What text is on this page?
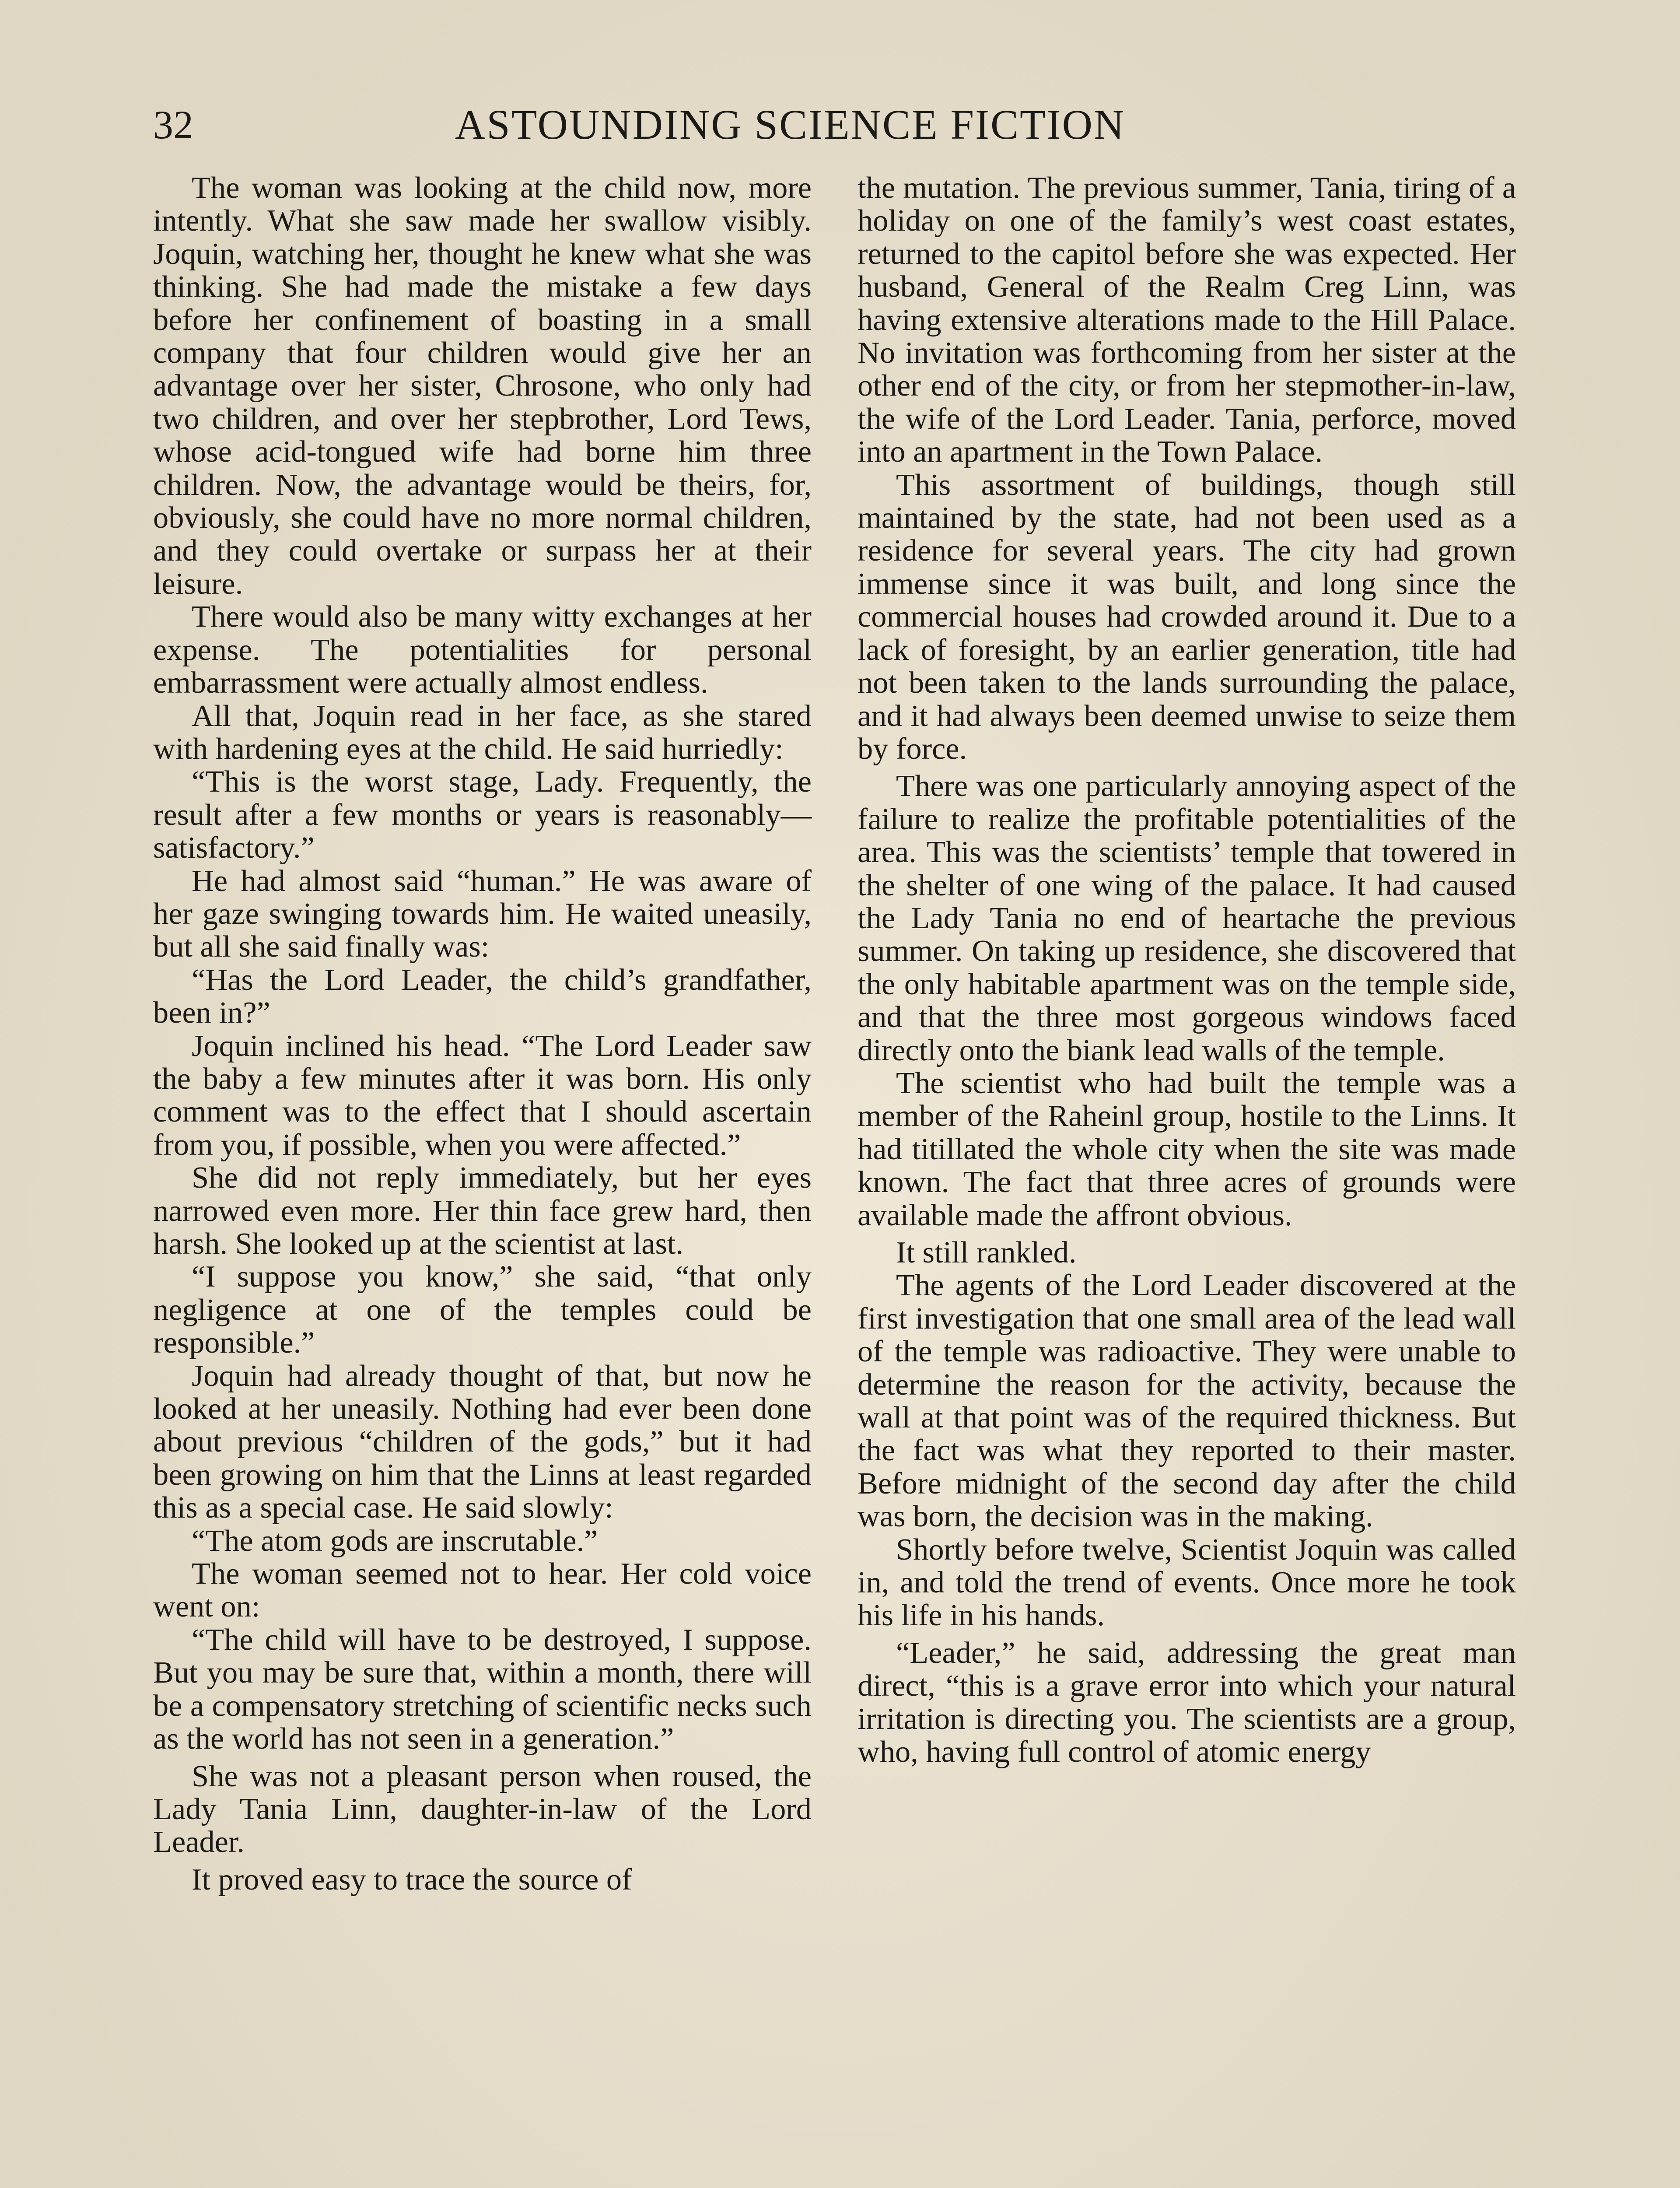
32	ASTOUNDING SCIENCE FICTION

The woman was looking at the child now, more intently. What she saw made her swallow visibly. Joquin, watching her, thought he knew what she was thinking. She had made the mistake a few days before her confinement of boasting in a small company that four children would give her an advantage over her sister, Chrosone, who only had two children, and over her stepbrother, Lord Tews, whose acid-tongued wife had borne him three children. Now, the advantage would be theirs, for, obviously, she could have no more normal children, and they could overtake or surpass her at their leisure.

There would also be many witty exchanges at her expense. The potentialities for personal embarrassment were actually almost endless.

All that, Joquin read in her face, as she stared with hardening eyes at the child. He said hurriedly:

“This is the worst stage, Lady. Frequently, the result after a few months or years is reasonably—satisfactory.”

He had almost said “human.” He was aware of her gaze swinging towards him. He waited uneasily, but all she said finally was:

“Has the Lord Leader, the child’s grandfather, been in?”

Joquin inclined his head. “The Lord Leader saw the baby a few minutes after it was born. His only comment was to the effect that I should ascertain from you, if possible, when you were affected.”

She did not reply immediately, but her eyes narrowed even more. Her thin face grew hard, then harsh. She looked up at the scientist at last.

“I suppose you know,” she said, “that only negligence at one of the temples could be responsible.”

Joquin had already thought of that, but now he looked at her uneasily. Nothing had ever been done about previous “children of the gods,” but it had been growing on him that the Linns at least regarded this as a special case. He said slowly:

“The atom gods are inscrutable.”

The woman seemed not to hear. Her cold voice went on:

“The child will have to be destroyed, I suppose. But you may be sure that, within a month, there will be a compensatory stretching of scientific necks such as the world has not seen in a generation.”

She was not a pleasant person when roused, the Lady Tania Linn, daughter-in-law of the Lord Leader.

It proved easy to trace the source of

the mutation. The previous summer, Tania, tiring of a holiday on one of the family’s west coast estates, returned to the capitol before she was expected. Her husband, General of the Realm Creg Linn, was having extensive alterations made to the Hill Palace. No invitation was forthcoming from her sister at the other end of the city, or from her stepmother-in-law, the wife of the Lord Leader. Tania, perforce, moved into an apartment in the Town Palace.

This assortment of buildings, though still maintained by the state, had not been used as a residence for several years. The city had grown immense since it was built, and long since the commercial houses had crowded around it. Due to a lack of foresight, by an earlier generation, title had not been taken to the lands surrounding the palace, and it had always been deemed unwise to seize them by force.

There was one particularly annoying aspect of the failure to realize the profitable potentialities of the area. This was the scientists’ temple that towered in the shelter of one wing of the palace. It had caused the Lady Tania no end of heartache the previous summer. On taking up residence, she discovered that the only habitable apartment was on the temple side, and that the three most gorgeous windows faced directly onto the biank lead walls of the temple.

The scientist who had built the temple was a member of the Raheinl group, hostile to the Linns. It had titillated the whole city when the site was made known. The fact that three acres of grounds were available made the affront obvious.

It still rankled.

The agents of the Lord Leader discovered at the first investigation that one small area of the lead wall of the temple was radioactive. They were unable to determine the reason for the activity, because the wall at that point was of the required thickness. But the fact was what they reported to their master. Before midnight of the second day after the child was born, the decision was in the making.

Shortly before twelve, Scientist Joquin was called in, and told the trend of events. Once more he took his life in his hands.

“Leader,” he said, addressing the great man direct, “this is a grave error into which your natural irritation is directing you. The scientists are a group, who, having full control of atomic energy
